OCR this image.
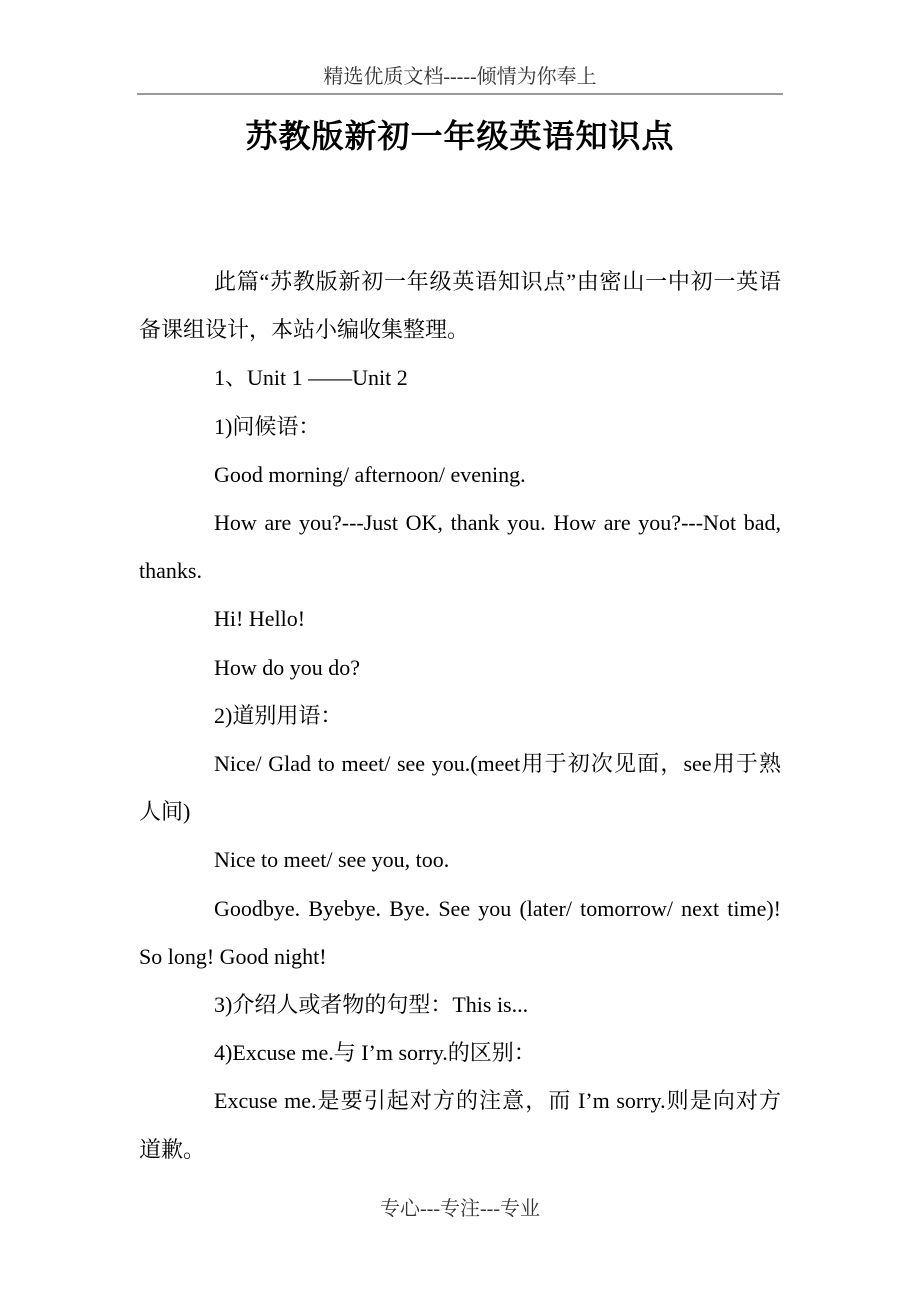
精选优质文档-----倾情为你奉上
苏教版新初一年级英语知识点

此篇“苏教版新初一年级英语知识点”由密山一中初一英语备课组设计，本站小编收集整理。

1、Unit 1 ——Unit 2

1)问候语：

Good morning/ afternoon/ evening.

How are you?---Just OK, thank you. How are you?---Not bad, thanks.

Hi! Hello!

How do you do?

2)道别用语：

Nice/ Glad to meet/ see you.(meet用于初次见面，see用于熟人间)

Nice to meet/ see you, too.

Goodbye. Byebye. Bye. See you (later/ tomorrow/ next time)! So long! Good night!

3)介绍人或者物的句型：This is...

4)Excuse me.与 I’m sorry.的区别：

Excuse me.是要引起对方的注意，而 I’m sorry.则是向对方道歉。

专心---专注---专业
